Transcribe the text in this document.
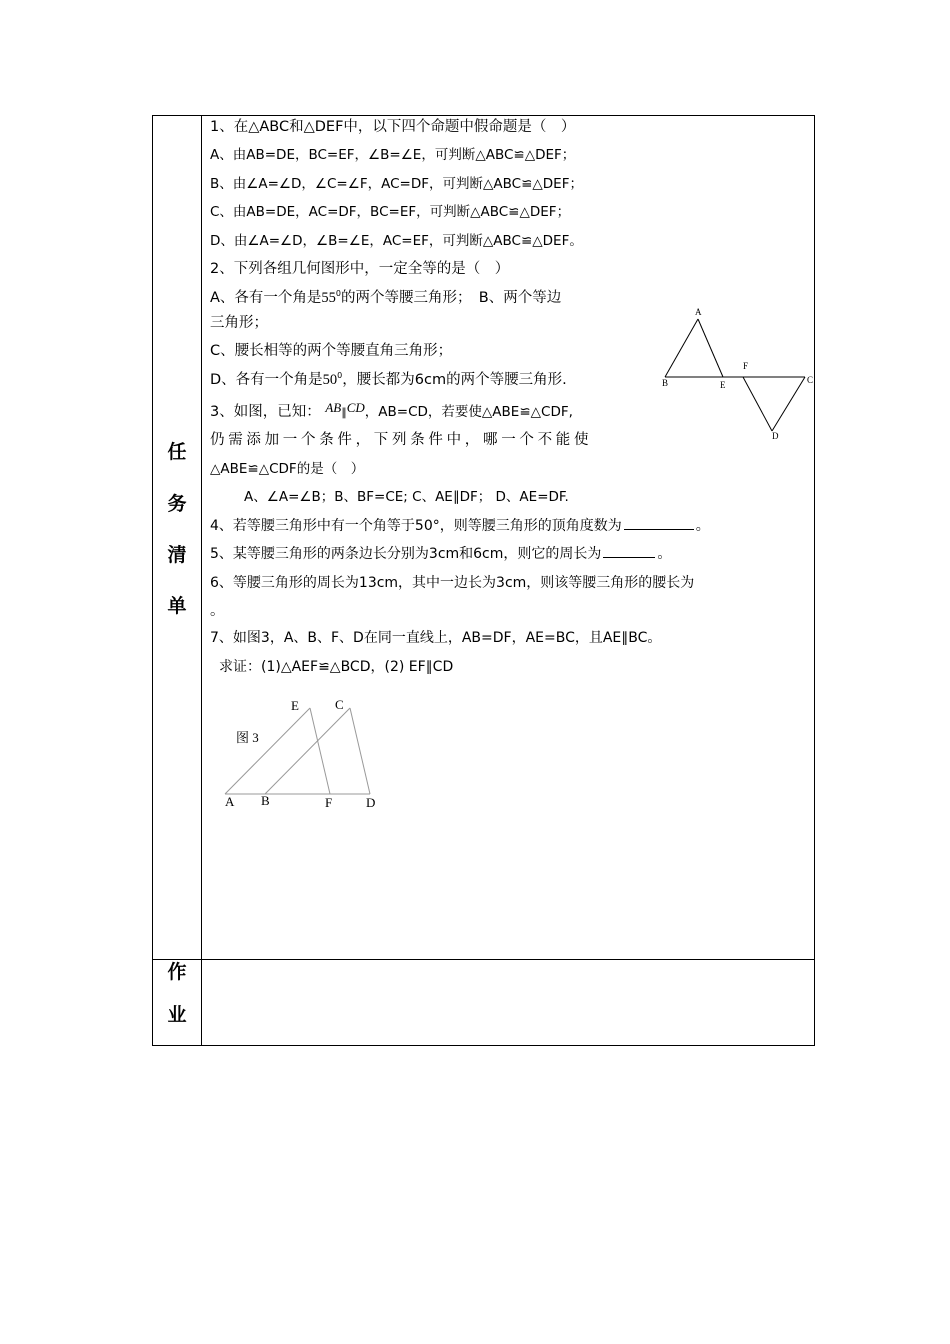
任
务
清
单
作
业
1、在△ABC和△DEF中，以下四个命题中假命题是（　）
A、由AB=DE，BC=EF，∠B=∠E，可判断△ABC≌△DEF；
B、由∠A=∠D，∠C=∠F，AC=DF，可判断△ABC≌△DEF；
C、由AB=DE，AC=DF，BC=EF，可判断△ABC≌△DEF；
D、由∠A=∠D，∠B=∠E，AC=EF，可判断△ABC≌△DEF。
2、下列各组几何图形中，一定全等的是（　）
A、各有一个角是$55^0$的两个等腰三角形；　B、两个等边
三角形；
C、腰长相等的两个等腰直角三角形；
D、各有一个角是$50^0$，腰长都为6cm的两个等腰三角形.
A
B	E
F
C
D
3、如图，已知： AB∥CD，AB=CD，若要使△ABE≌△CDF,
仍需添加一个条件，下列条件中，哪一个不能使
△ABE≌△CDF的是（　）
A、∠A=∠B；B、BF=CE; C、AE∥DF； D、AE=DF.
4、若等腰三角形中有一个角等于50°，则等腰三角形的顶角度数为	。
5、某等腰三角形的两条边长分别为3cm和6cm，则它的周长为	。
6、等腰三角形的周长为13cm，其中一边长为3cm，则该等腰三角形的腰长为
。
7、如图3，A、B、F、D在同一直线上，AB=DF，AE=BC，且AE∥BC。
求证：(1)△AEF≌△BCD，(2) EF∥CD
E	C
图 3
A B	F	D
